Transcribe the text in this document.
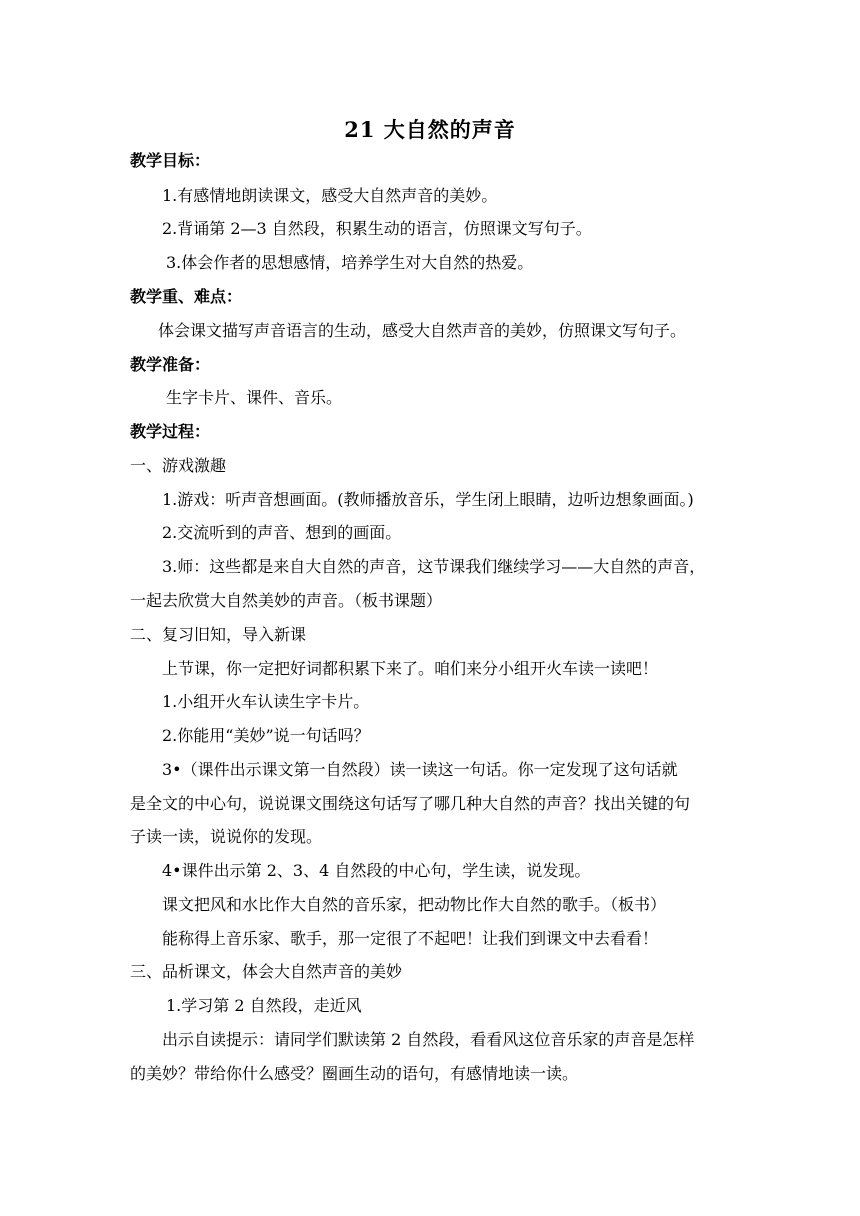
21 大自然的声音
教学目标：
1.有感情地朗读课文，感受大自然声音的美妙。
2.背诵第 2—3 自然段，积累生动的语言，仿照课文写句子。
3.体会作者的思想感情，培养学生对大自然的热爱。
教学重、难点：
体会课文描写声音语言的生动，感受大自然声音的美妙，仿照课文写句子。
教学准备：
生字卡片、课件、音乐。
教学过程：
一、游戏激趣
1.游戏：听声音想画面。(教师播放音乐，学生闭上眼睛，边听边想象画面。)
2.交流听到的声音、想到的画面。
3.师：这些都是来自大自然的声音，这节课我们继续学习——大自然的声音，
一起去欣赏大自然美妙的声音。（板书课题）
二、复习旧知，导入新课
上节课，你一定把好词都积累下来了。咱们来分小组开火车读一读吧！
1.小组开火车认读生字卡片。
2.你能用“美妙”说一句话吗？
3•（课件出示课文第一自然段）读一读这一句话。你一定发现了这句话就
是全文的中心句，说说课文围绕这句话写了哪几种大自然的声音？找出关键的句
子读一读，说说你的发现。
4•课件出示第 2、3、4 自然段的中心句，学生读，说发现。
课文把风和水比作大自然的音乐家，把动物比作大自然的歌手。（板书）
能称得上音乐家、歌手，那一定很了不起吧！让我们到课文中去看看！
三、品析课文，体会大自然声音的美妙
1.学习第 2 自然段，走近风
出示自读提示：请同学们默读第 2 自然段，看看风这位音乐家的声音是怎样
的美妙？带给你什么感受？圈画生动的语句，有感情地读一读。
